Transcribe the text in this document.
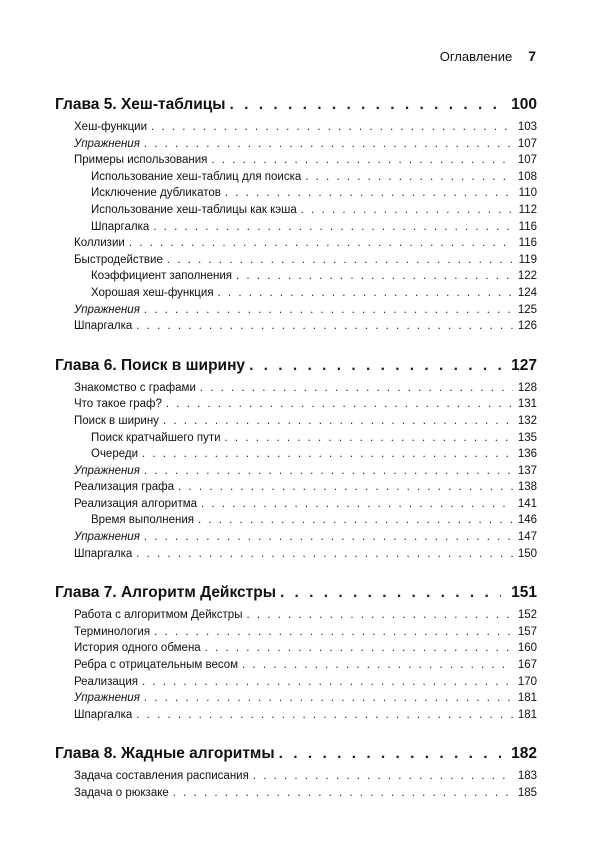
Оглавление 7
Глава 5. Хеш-таблицы . . .	100
Хеш-функции . . .	103
Упражнения . . .	107
Примеры использования . . .	107
Использование хеш-таблиц для поиска . . .	108
Исключение дубликатов . . .	110
Использование хеш-таблицы как кэша . . .	112
Шпаргалка . . .	116
Коллизии . . .	116
Быстродействие . . .	119
Коэффициент заполнения . . .	122
Хорошая хеш-функция . . .	124
Упражнения . . .	125
Шпаргалка . . .	126
Глава 6. Поиск в ширину . . .	127
Знакомство с графами . . .	128
Что такое граф? . . .	131
Поиск в ширину . . .	132
Поиск кратчайшего пути . . .	135
Очереди . . .	136
Упражнения . . .	137
Реализация графа . . .	138
Реализация алгоритма . . .	141
Время выполнения . . .	146
Упражнения . . .	147
Шпаргалка . . .	150
Глава 7. Алгоритм Дейкстры . . .	151
Работа с алгоритмом Дейкстры . . .	152
Терминология . . .	157
История одного обмена . . .	160
Ребра с отрицательным весом . . .	167
Реализация . . .	170
Упражнения . . .	181
Шпаргалка . . .	181
Глава 8. Жадные алгоритмы . . .	182
Задача составления расписания . . .	183
Задача о рюкзаке . . .	185
